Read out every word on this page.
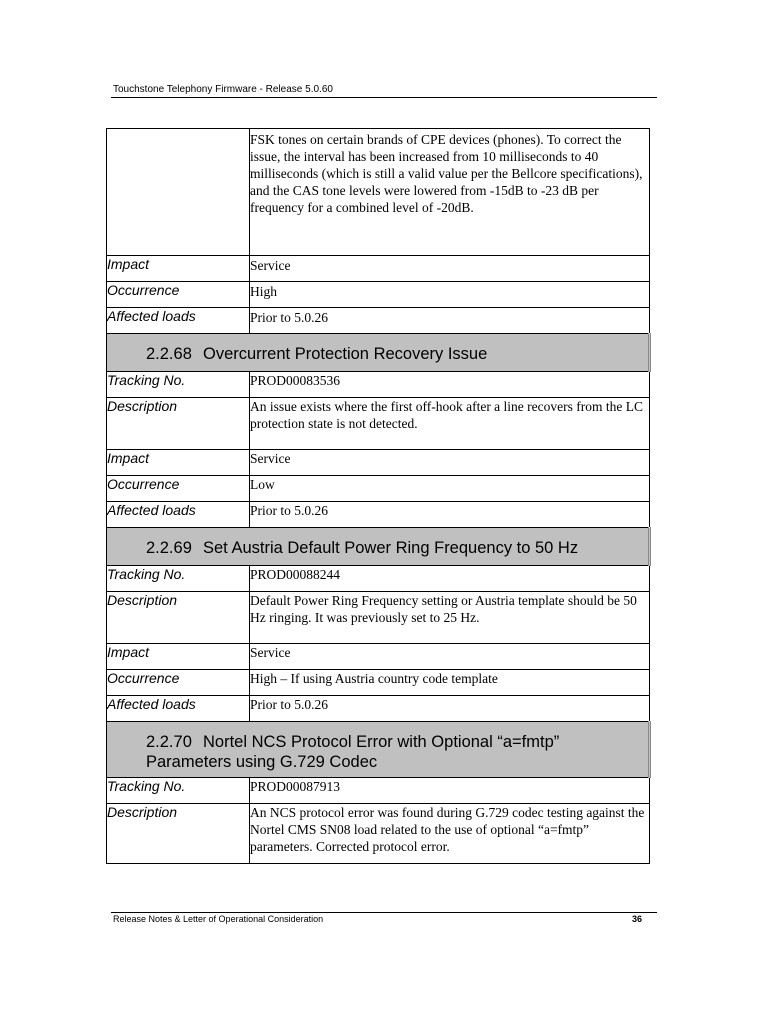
Touchstone Telephony Firmware - Release 5.0.60
	FSK tones on certain brands of CPE devices (phones). To correct the issue, the interval has been increased from 10 milliseconds to 40 milliseconds (which is still a valid value per the Bellcore specifications), and the CAS tone levels were lowered from -15dB to -23 dB per frequency for a combined level of -20dB.
Impact	Service
Occurrence	High
Affected loads	Prior to 5.0.26

2.2.68 Overcurrent Protection Recovery Issue	

Tracking No.	PROD00083536
Description	An issue exists where the first off-hook after a line recovers from the LC protection state is not detected.
Impact	Service
Occurrence	Low
Affected loads	Prior to 5.0.26

2.2.69 Set Austria Default Power Ring Frequency to 50 Hz	

Tracking No.	PROD00088244
Description	Default Power Ring Frequency setting or Austria template should be 50 Hz ringing. It was previously set to 25 Hz.
Impact	Service
Occurrence	High – If using Austria country code template
Affected loads	Prior to 5.0.26

2.2.70 Nortel NCS Protocol Error with Optional “a=fmtp”
Parameters using G.729 Codec	

Tracking No.	PROD00087913
Description	An NCS protocol error was found during G.729 codec testing against the Nortel CMS SN08 load related to the use of optional “a=fmtp” parameters. Corrected protocol error.
Release Notes & Letter of Operational Consideration	36
